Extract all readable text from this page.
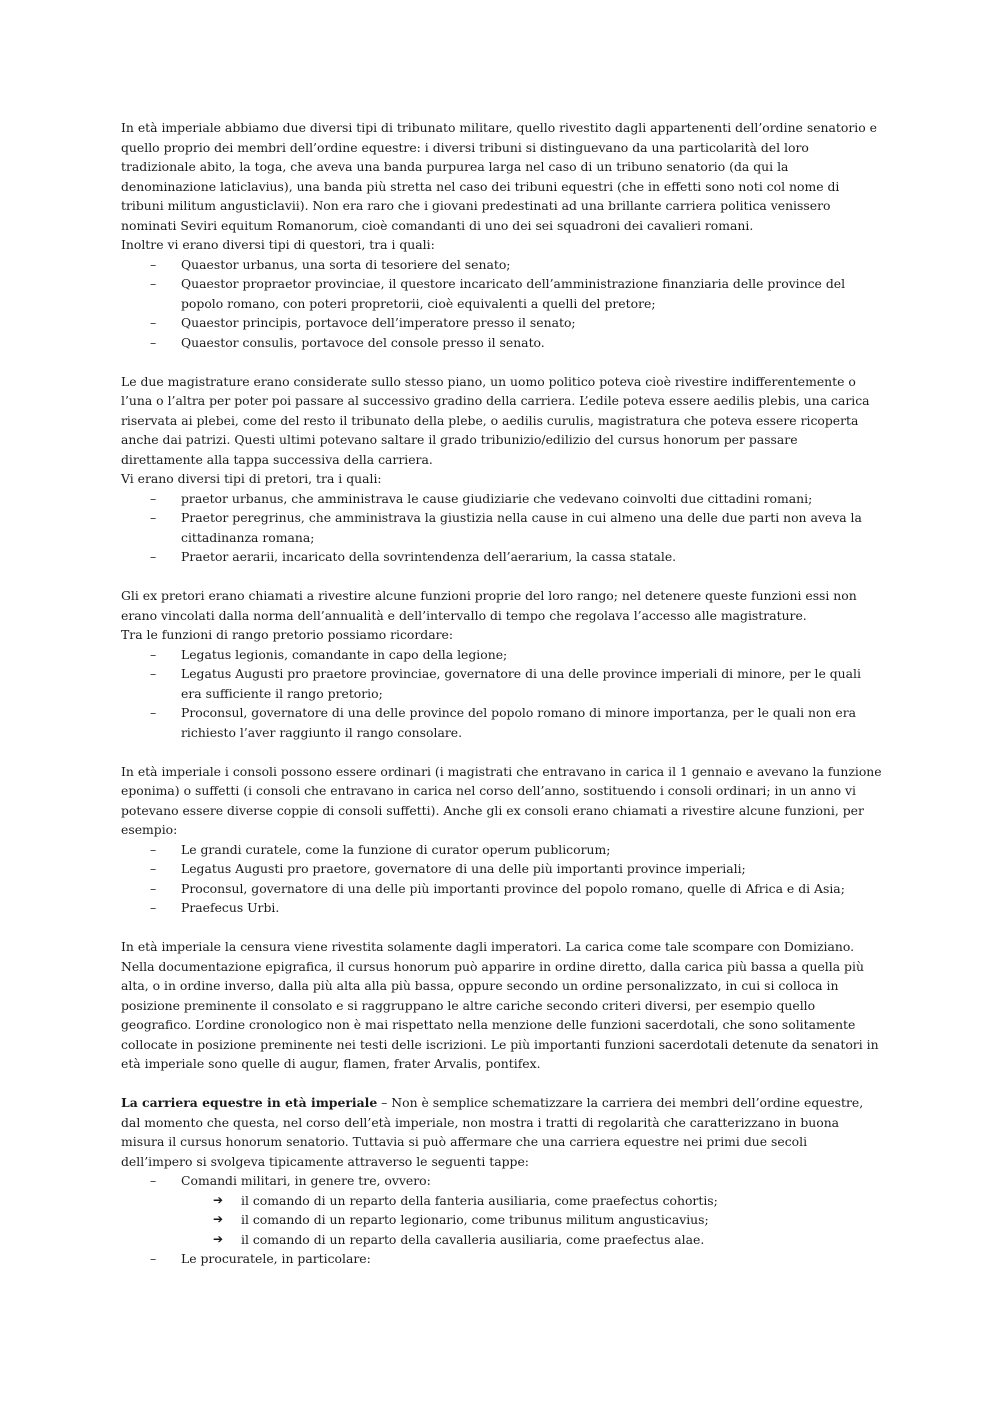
In età imperiale abbiamo due diversi tipi di tribunato militare, quello rivestito dagli appartenenti dell’ordine senatorio e quello proprio dei membri dell’ordine equestre: i diversi tribuni si distinguevano da una particolarità del loro tradizionale abito, la toga, che aveva una banda purpurea larga nel caso di un tribuno senatorio (da qui la denominazione laticlavius), una banda più stretta nel caso dei tribuni equestri (che in effetti sono noti col nome di tribuni militum angusticlavii). Non era raro che i giovani predestinati ad una brillante carriera politica venissero nominati Seviri equitum Romanorum, cioè comandanti di uno dei sei squadroni dei cavalieri romani.

Inoltre vi erano diversi tipi di questori, tra i quali:

– Quaestor urbanus, una sorta di tesoriere del senato;
– Quaestor propraetor provinciae, il questore incaricato dell’amministrazione finanziaria delle province del popolo romano, con poteri propretorii, cioè equivalenti a quelli del pretore;
– Quaestor principis, portavoce dell’imperatore presso il senato;
– Quaestor consulis, portavoce del console presso il senato.

Le due magistrature erano considerate sullo stesso piano, un uomo politico poteva cioè rivestire indifferentemente o l’una o l’altra per poter poi passare al successivo gradino della carriera. L’edile poteva essere aedilis plebis, una carica riservata ai plebei, come del resto il tribunato della plebe, o aedilis curulis, magistratura che poteva essere ricoperta anche dai patrizi. Questi ultimi potevano saltare il grado tribunizio/edilizio del cursus honorum per passare direttamente alla tappa successiva della carriera.

Vi erano diversi tipi di pretori, tra i quali:

– praetor urbanus, che amministrava le cause giudiziarie che vedevano coinvolti due cittadini romani;
– Praetor peregrinus, che amministrava la giustizia nella cause in cui almeno una delle due parti non aveva la cittadinanza romana;
– Praetor aerarii, incaricato della sovrintendenza dell’aerarium, la cassa statale.

Gli ex pretori erano chiamati a rivestire alcune funzioni proprie del loro rango; nel detenere queste funzioni essi non erano vincolati dalla norma dell’annualità e dell’intervallo di tempo che regolava l’accesso alle magistrature.

Tra le funzioni di rango pretorio possiamo ricordare:

– Legatus legionis, comandante in capo della legione;
– Legatus Augusti pro praetore provinciae, governatore di una delle province imperiali di minore, per le quali era sufficiente il rango pretorio;
– Proconsul, governatore di una delle province del popolo romano di minore importanza, per le quali non era richiesto l’aver raggiunto il rango consolare.

In età imperiale i consoli possono essere ordinari (i magistrati che entravano in carica il 1 gennaio e avevano la funzione eponima) o suffetti (i consoli che entravano in carica nel corso dell’anno, sostituendo i consoli ordinari; in un anno vi potevano essere diverse coppie di consoli suffetti). Anche gli ex consoli erano chiamati a rivestire alcune funzioni, per esempio:

– Le grandi curatele, come la funzione di curator operum publicorum;
– Legatus Augusti pro praetore, governatore di una delle più importanti province imperiali;
– Proconsul, governatore di una delle più importanti province del popolo romano, quelle di Africa e di Asia;
– Praefecus Urbi.

In età imperiale la censura viene rivestita solamente dagli imperatori. La carica come tale scompare con Domiziano.

Nella documentazione epigrafica, il cursus honorum può apparire in ordine diretto, dalla carica più bassa a quella più alta, o in ordine inverso, dalla più alta alla più bassa, oppure secondo un ordine personalizzato, in cui si colloca in posizione preminente il consolato e si raggruppano le altre cariche secondo criteri diversi, per esempio quello geografico. L’ordine cronologico non è mai rispettato nella menzione delle funzioni sacerdotali, che sono solitamente collocate in posizione preminente nei testi delle iscrizioni. Le più importanti funzioni sacerdotali detenute da senatori in età imperiale sono quelle di augur, flamen, frater Arvalis, pontifex.

La carriera equestre in età imperiale – Non è semplice schematizzare la carriera dei membri dell’ordine equestre, dal momento che questa, nel corso dell’età imperiale, non mostra i tratti di regolarità che caratterizzano in buona misura il cursus honorum senatorio. Tuttavia si può affermare che una carriera equestre nei primi due secoli dell’impero si svolgeva tipicamente attraverso le seguenti tappe:

– Comandi militari, in genere tre, ovvero:
➔ il comando di un reparto della fanteria ausiliaria, come praefectus cohortis;
➔ il comando di un reparto legionario, come tribunus militum angusticavius;
➔ il comando di un reparto della cavalleria ausiliaria, come praefectus alae.
– Le procuratele, in particolare:
